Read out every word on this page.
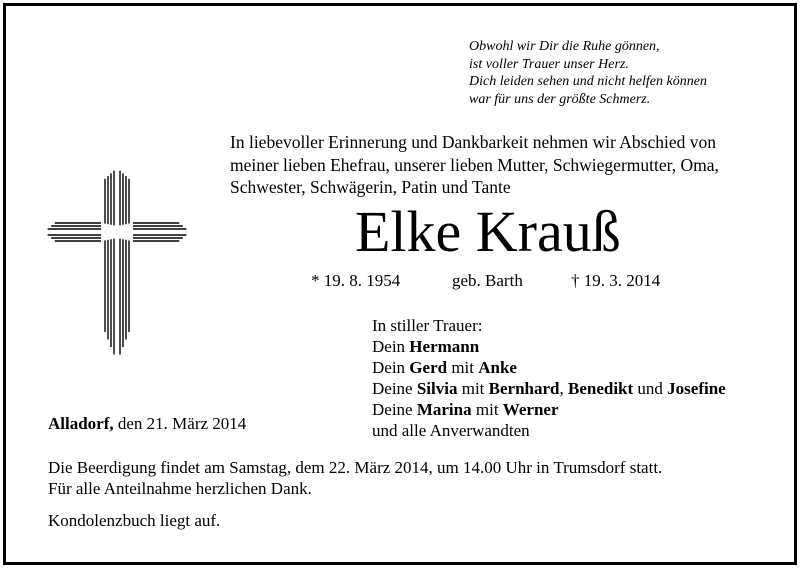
Obwohl wir Dir die Ruhe gönnen,
ist voller Trauer unser Herz.
Dich leiden sehen und nicht helfen können
war für uns der größte Schmerz.
In liebevoller Erinnerung und Dankbarkeit nehmen wir Abschied von
meiner lieben Ehefrau, unserer lieben Mutter, Schwiegermutter, Oma,
Schwester, Schwägerin, Patin und Tante
Elke Krauß
* 19. 8. 1954	geb. Barth	† 19. 3. 2014
In stiller Trauer:
Dein Hermann
Dein Gerd mit Anke
Deine Silvia mit Bernhard, Benedikt und Josefine
Deine Marina mit Werner
und alle Anverwandten
Alladorf, den 21. März 2014
Die Beerdigung findet am Samstag, dem 22. März 2014, um 14.00 Uhr in Trumsdorf statt.
Für alle Anteilnahme herzlichen Dank.
Kondolenzbuch liegt auf.
